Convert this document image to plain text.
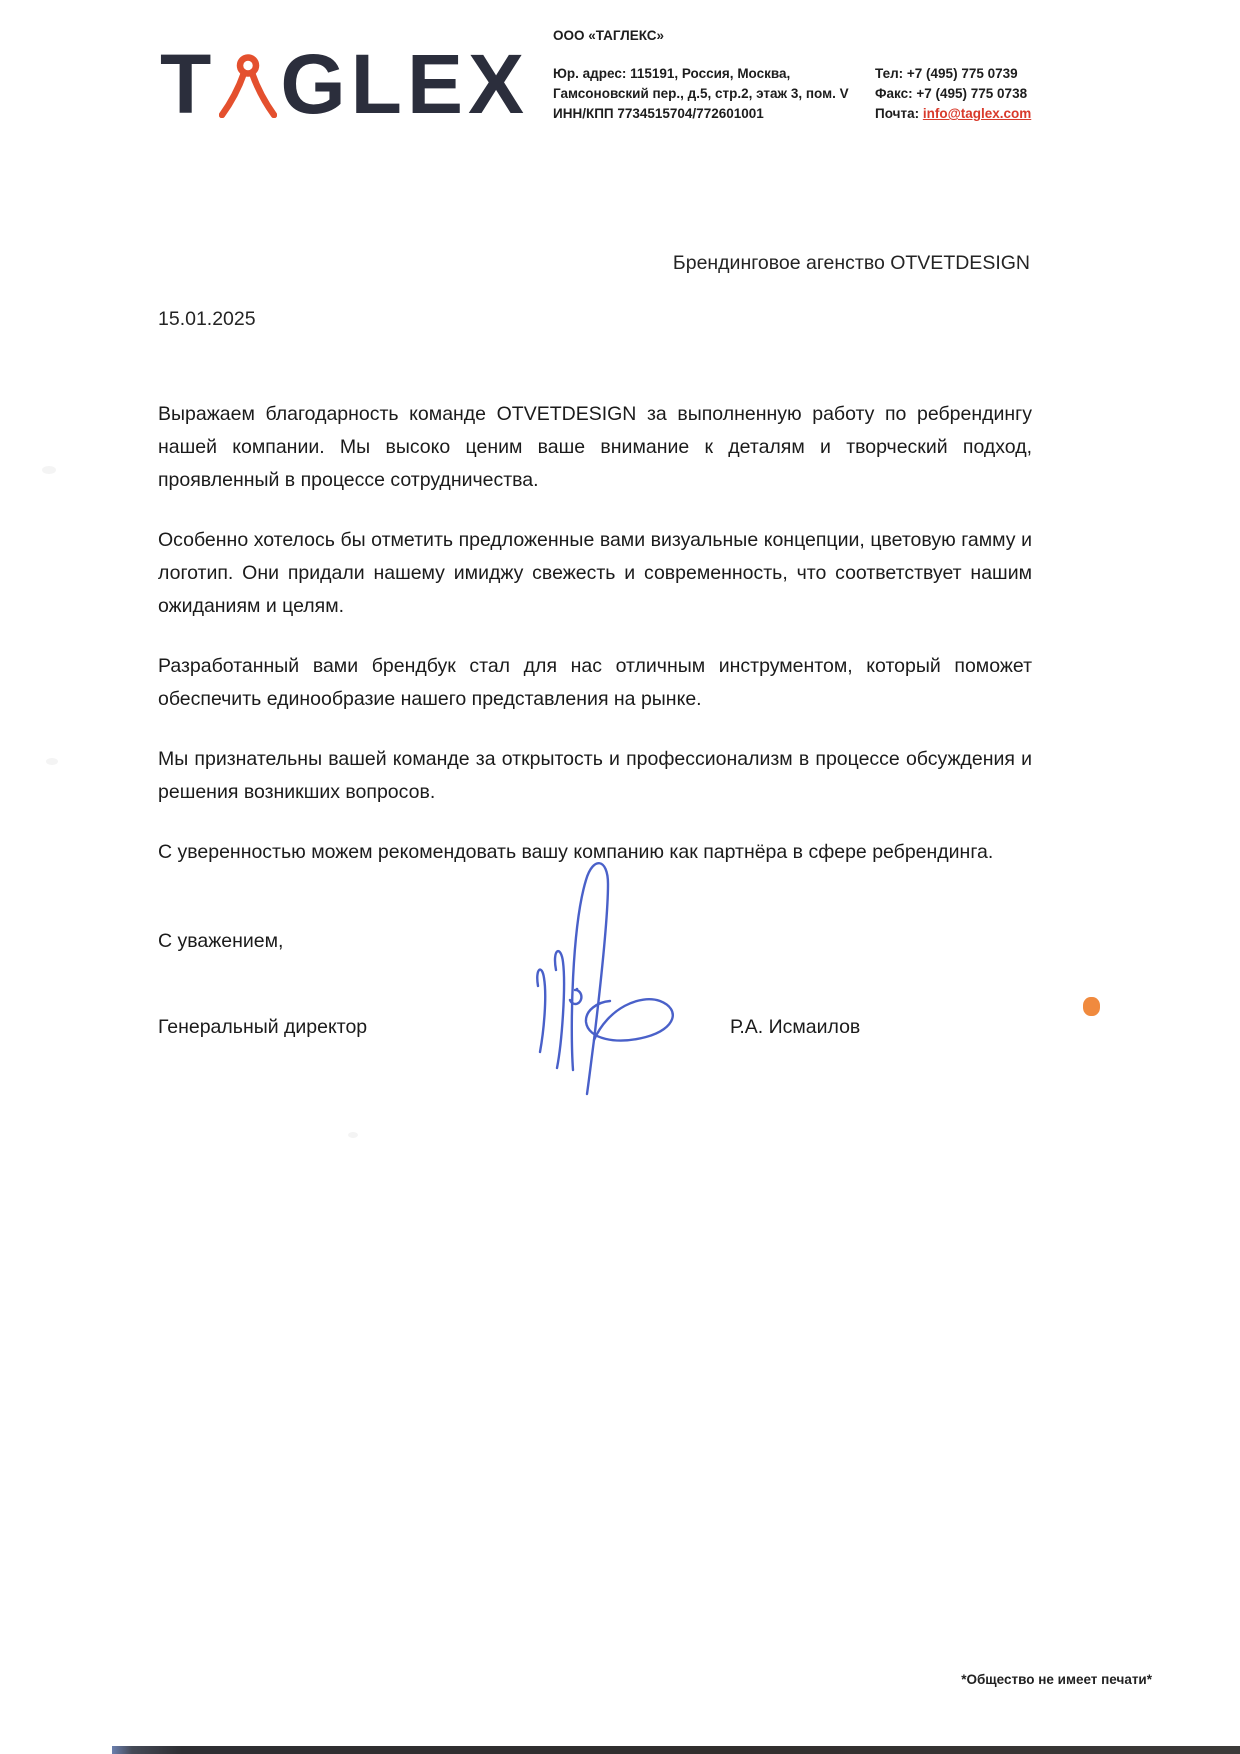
T GLEX
ООО «ТАГЛЕКС»
Юр. адрес: 115191, Россия, Москва,
Гамсоновский пер., д.5, стр.2, этаж 3, пом. V
ИНН/КПП 7734515704/772601001
Тел: +7 (495) 775 0739
Факс: +7 (495) 775 0738
Почта: info@taglex.com
Брендинговое агенство OTVETDESIGN
15.01.2025

Выражаем благодарность команде OTVETDESIGN за выполненную работу по ребрендингу нашей компании. Мы высоко ценим ваше внимание к деталям и творческий подход, проявленный в процессе сотрудничества.

Особенно хотелось бы отметить предложенные вами визуальные концепции, цветовую гамму и логотип. Они придали нашему имиджу свежесть и современность, что соответствует нашим ожиданиям и целям.

Разработанный вами брендбук стал для нас отличным инструментом, который поможет обеспечить единообразие нашего представления на рынке.

Мы признательны вашей команде за открытость и профессионализм в процессе обсуждения и решения возникших вопросов.

С уверенностью можем рекомендовать вашу компанию как партнёра в сфере ребрендинга.

С уважением,
Генеральный директор	Р.А. Исмаилов
*Общество не имеет печати*
